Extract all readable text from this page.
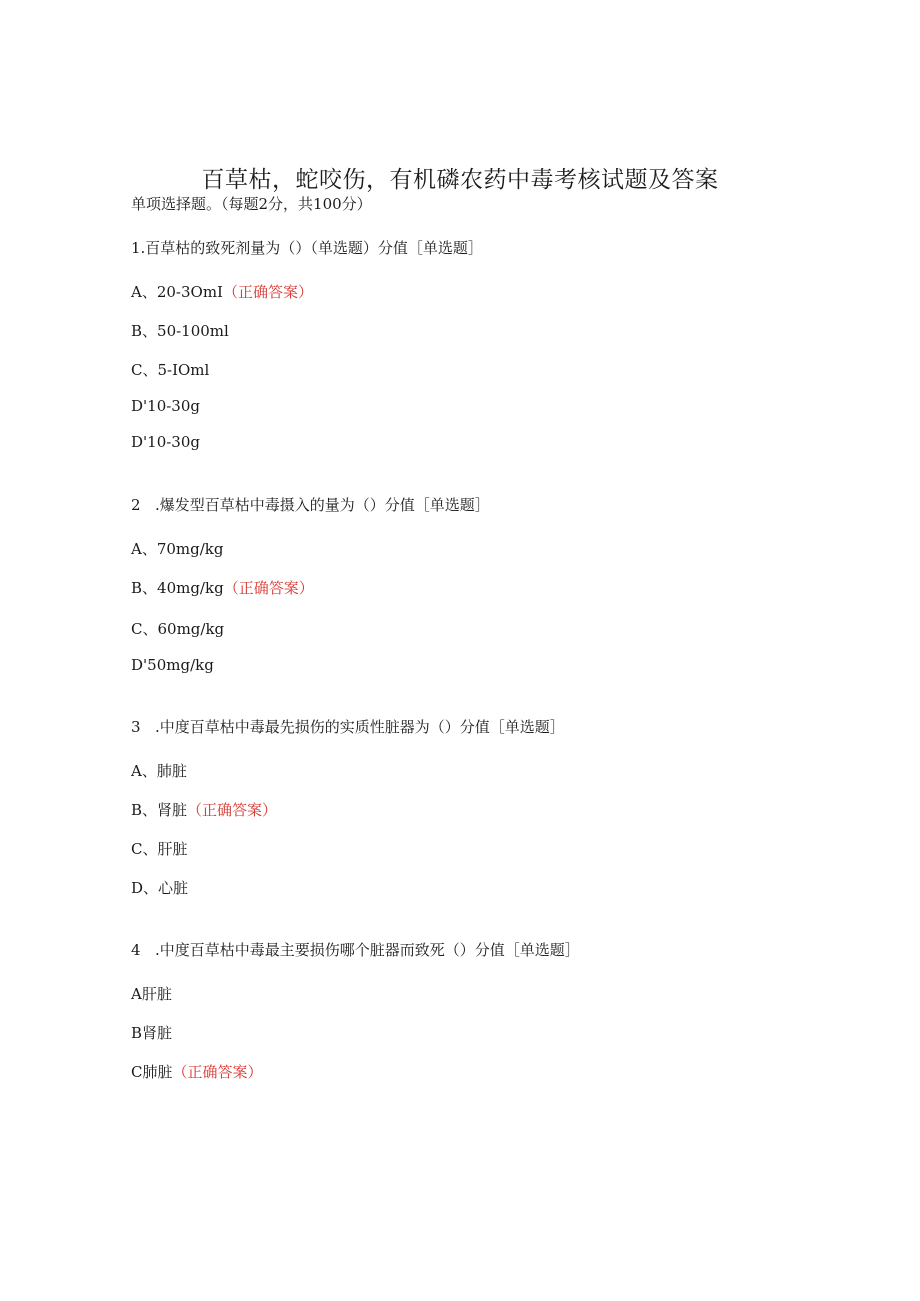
百草枯，蛇咬伤，有机磷农药中毒考核试题及答案

单项选择题。（每题2分，共100分）

1.百草枯的致死剂量为（）（单选题）分值［单选题］

A、20-3OmI（正确答案）

B、50-100ml

C、5-IOml

D'10-30g

D'10-30g

2 .爆发型百草枯中毒摄入的量为（）分值［单选题］

A、70mg∕kg

B、40mg∕kg（正确答案）

C、60mg∕kg

D'50mg∕kg

3 .中度百草枯中毒最先损伤的实质性脏器为（）分值［单选题］

A、肺脏

B、肾脏（正确答案）

C、肝脏

D、心脏

4 .中度百草枯中毒最主要损伤哪个脏器而致死（）分值［单选题］

A肝脏

B肾脏

C肺脏（正确答案）
